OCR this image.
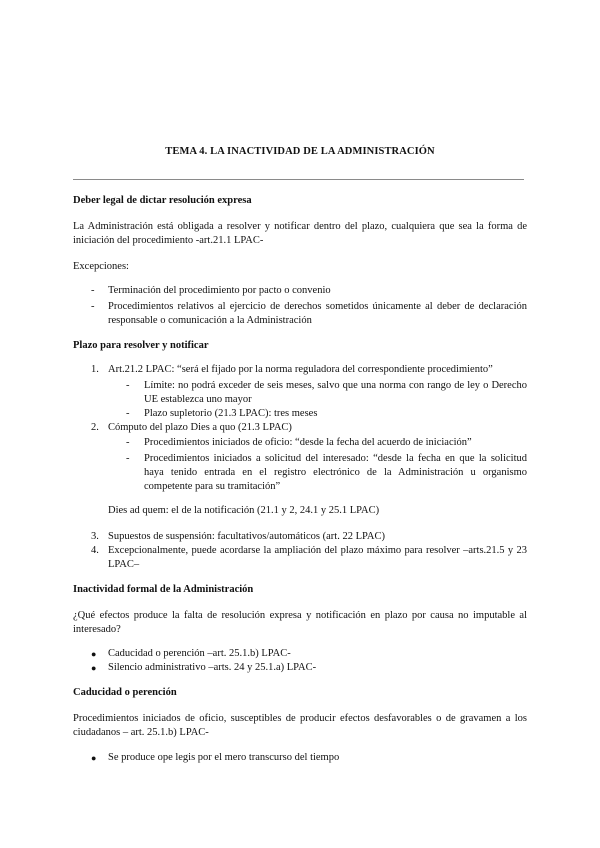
TEMA 4. LA INACTIVIDAD DE LA ADMINISTRACIÓN
Deber legal de dictar resolución expresa
La Administración está obligada a resolver y notificar dentro del plazo, cualquiera que sea la forma de iniciación del procedimiento -art.21.1 LPAC-
Excepciones:
- Terminación del procedimiento por pacto o convenio
- Procedimientos relativos al ejercicio de derechos sometidos únicamente al deber de declaración responsable o comunicación a la Administración
Plazo para resolver y notificar
1. Art.21.2 LPAC: “será el fijado por la norma reguladora del correspondiente procedimiento”
- Límite: no podrá exceder de seis meses, salvo que una norma con rango de ley o Derecho UE establezca uno mayor
- Plazo supletorio (21.3 LPAC): tres meses
2. Cómputo del plazo Dies a quo (21.3 LPAC)
- Procedimientos iniciados de oficio: “desde la fecha del acuerdo de iniciación”
- Procedimientos iniciados a solicitud del interesado: “desde la fecha en que la solicitud haya tenido entrada en el registro electrónico de la Administración u organismo competente para su tramitación”
Dies ad quem: el de la notificación (21.1 y 2, 24.1 y 25.1 LPAC)
3. Supuestos de suspensión: facultativos/automáticos (art. 22 LPAC)
4. Excepcionalmente, puede acordarse la ampliación del plazo máximo para resolver –arts.21.5 y 23 LPAC–
Inactividad formal de la Administración
¿Qué efectos produce la falta de resolución expresa y notificación en plazo por causa no imputable al interesado?
● Caducidad o perención –art. 25.1.b) LPAC-
● Silencio administrativo –arts. 24 y 25.1.a) LPAC-
Caducidad o perención
Procedimientos iniciados de oficio, susceptibles de producir efectos desfavorables o de gravamen a los ciudadanos – art. 25.1.b) LPAC-
● Se produce ope legis por el mero transcurso del tiempo
